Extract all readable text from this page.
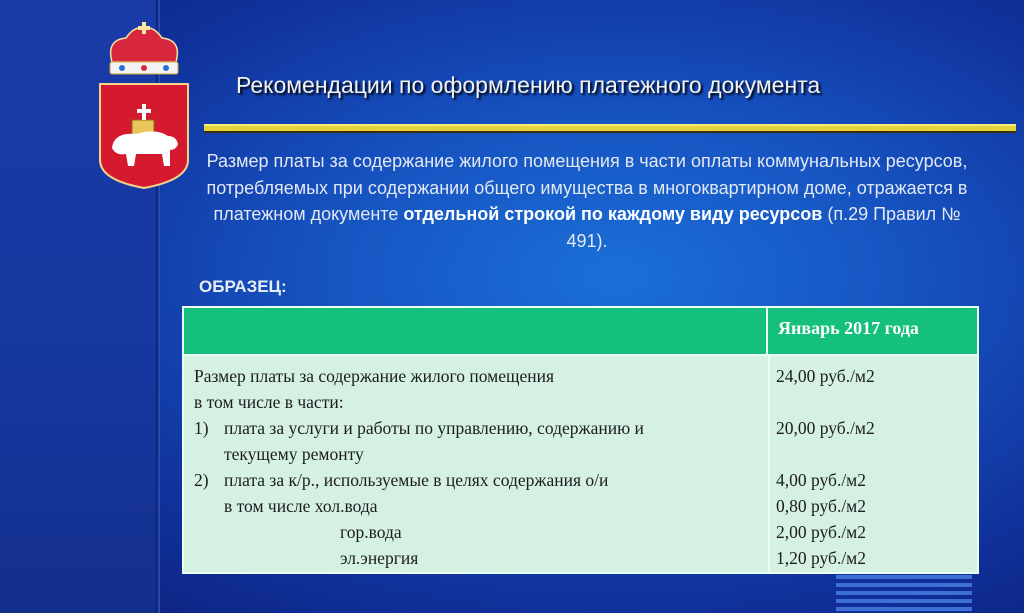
Рекомендации по оформлению платежного документа
Размер платы за содержание жилого помещения в части оплаты коммунальных ресурсов, потребляемых при содержании общего имущества в многоквартирном доме, отражается в платежном документе отдельной строкой по каждому виду ресурсов (п.29 Правил № 491).

ОБРАЗЕЦ:

Январь 2017 года
Размер платы за содержание жилого помещения
в том числе в части:
1) плата за услуги и работы по управлению, содержанию и
текущему ремонту
2) плата за к/р., используемые в целях содержания о/и
в том числе хол.вода
гор.вода
эл.энергия
24,00 руб./м2
20,00 руб./м2
4,00 руб./м2
0,80 руб./м2
2,00 руб./м2
1,20 руб./м2
